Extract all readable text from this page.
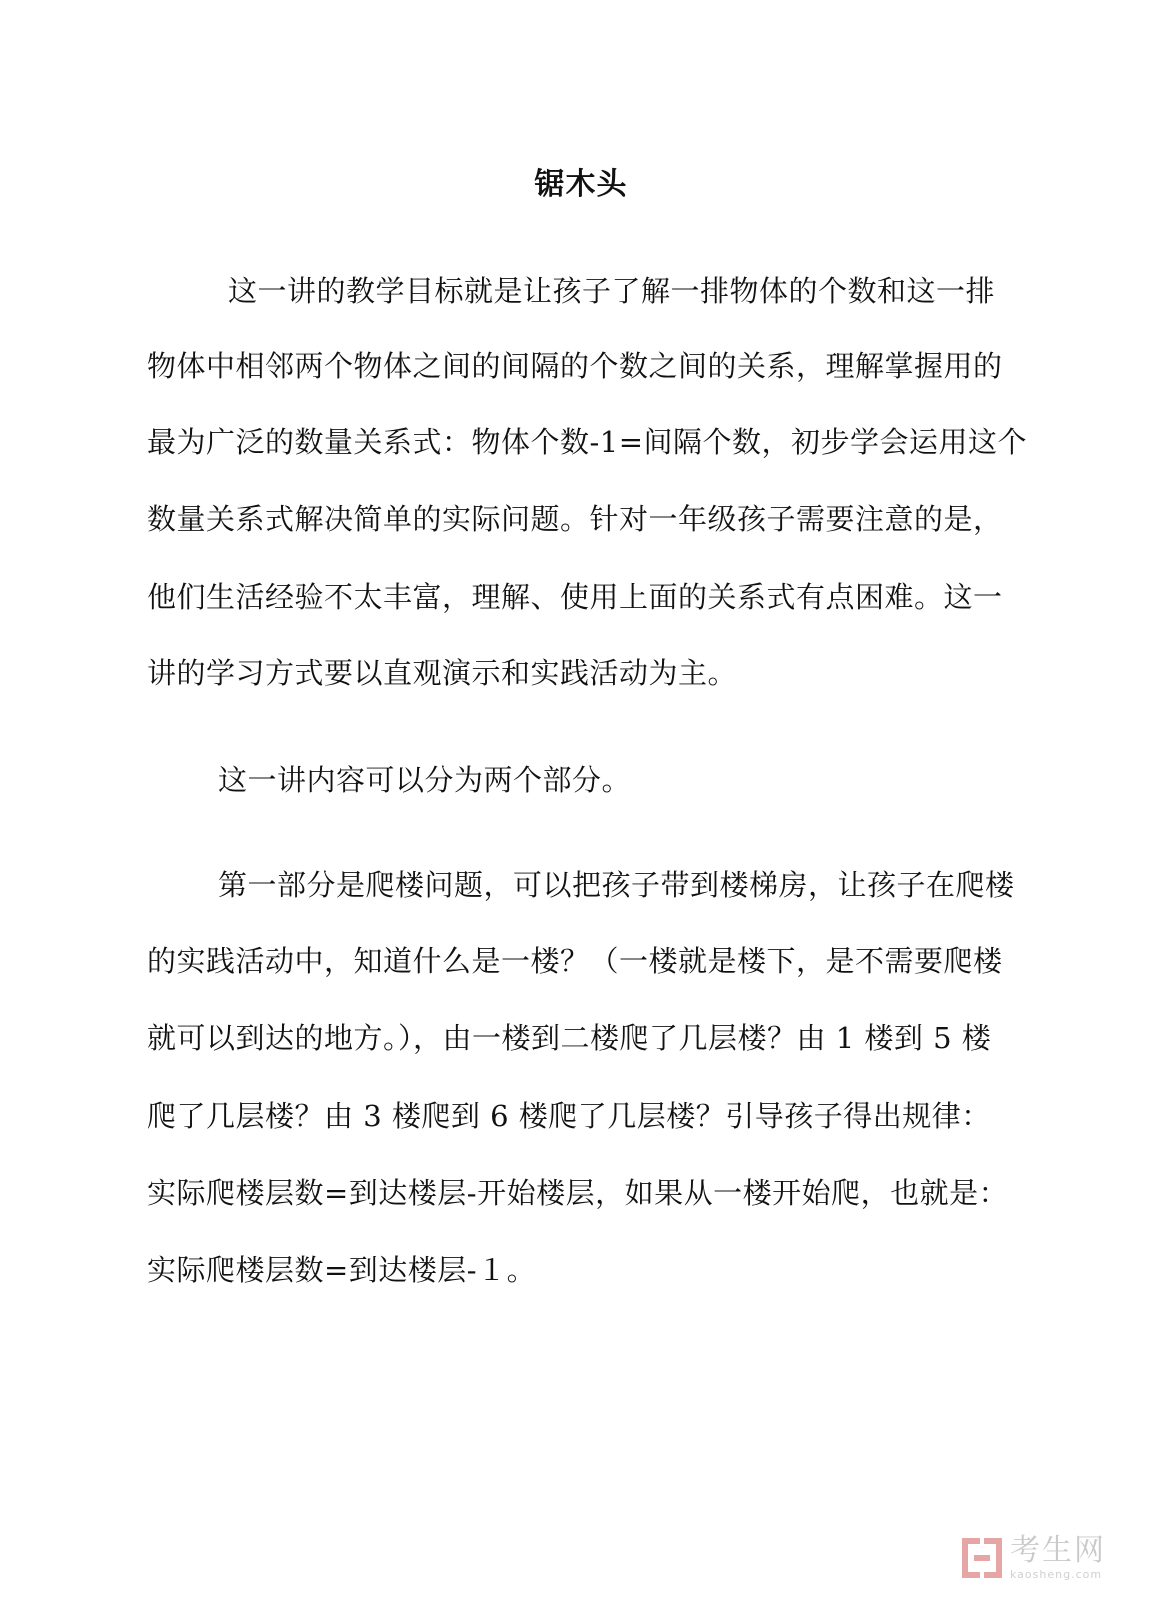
锯木头
这一讲的教学目标就是让孩子了解一排物体的个数和这一排
物体中相邻两个物体之间的间隔的个数之间的关系，理解掌握用的
最为广泛的数量关系式：物体个数-1=间隔个数，初步学会运用这个
数量关系式解决简单的实际问题。针对一年级孩子需要注意的是，
他们生活经验不太丰富，理解、使用上面的关系式有点困难。这一
讲的学习方式要以直观演示和实践活动为主。
这一讲内容可以分为两个部分。
第一部分是爬楼问题，可以把孩子带到楼梯房，让孩子在爬楼
的实践活动中，知道什么是一楼？（一楼就是楼下，是不需要爬楼
就可以到达的地方。），由一楼到二楼爬了几层楼？由 1 楼到 5 楼
爬了几层楼？由 3 楼爬到 6 楼爬了几层楼？引导孩子得出规律：
实际爬楼层数=到达楼层-开始楼层，如果从一楼开始爬，也就是：
实际爬楼层数=到达楼层-１。
考生网
kaosheng.com
